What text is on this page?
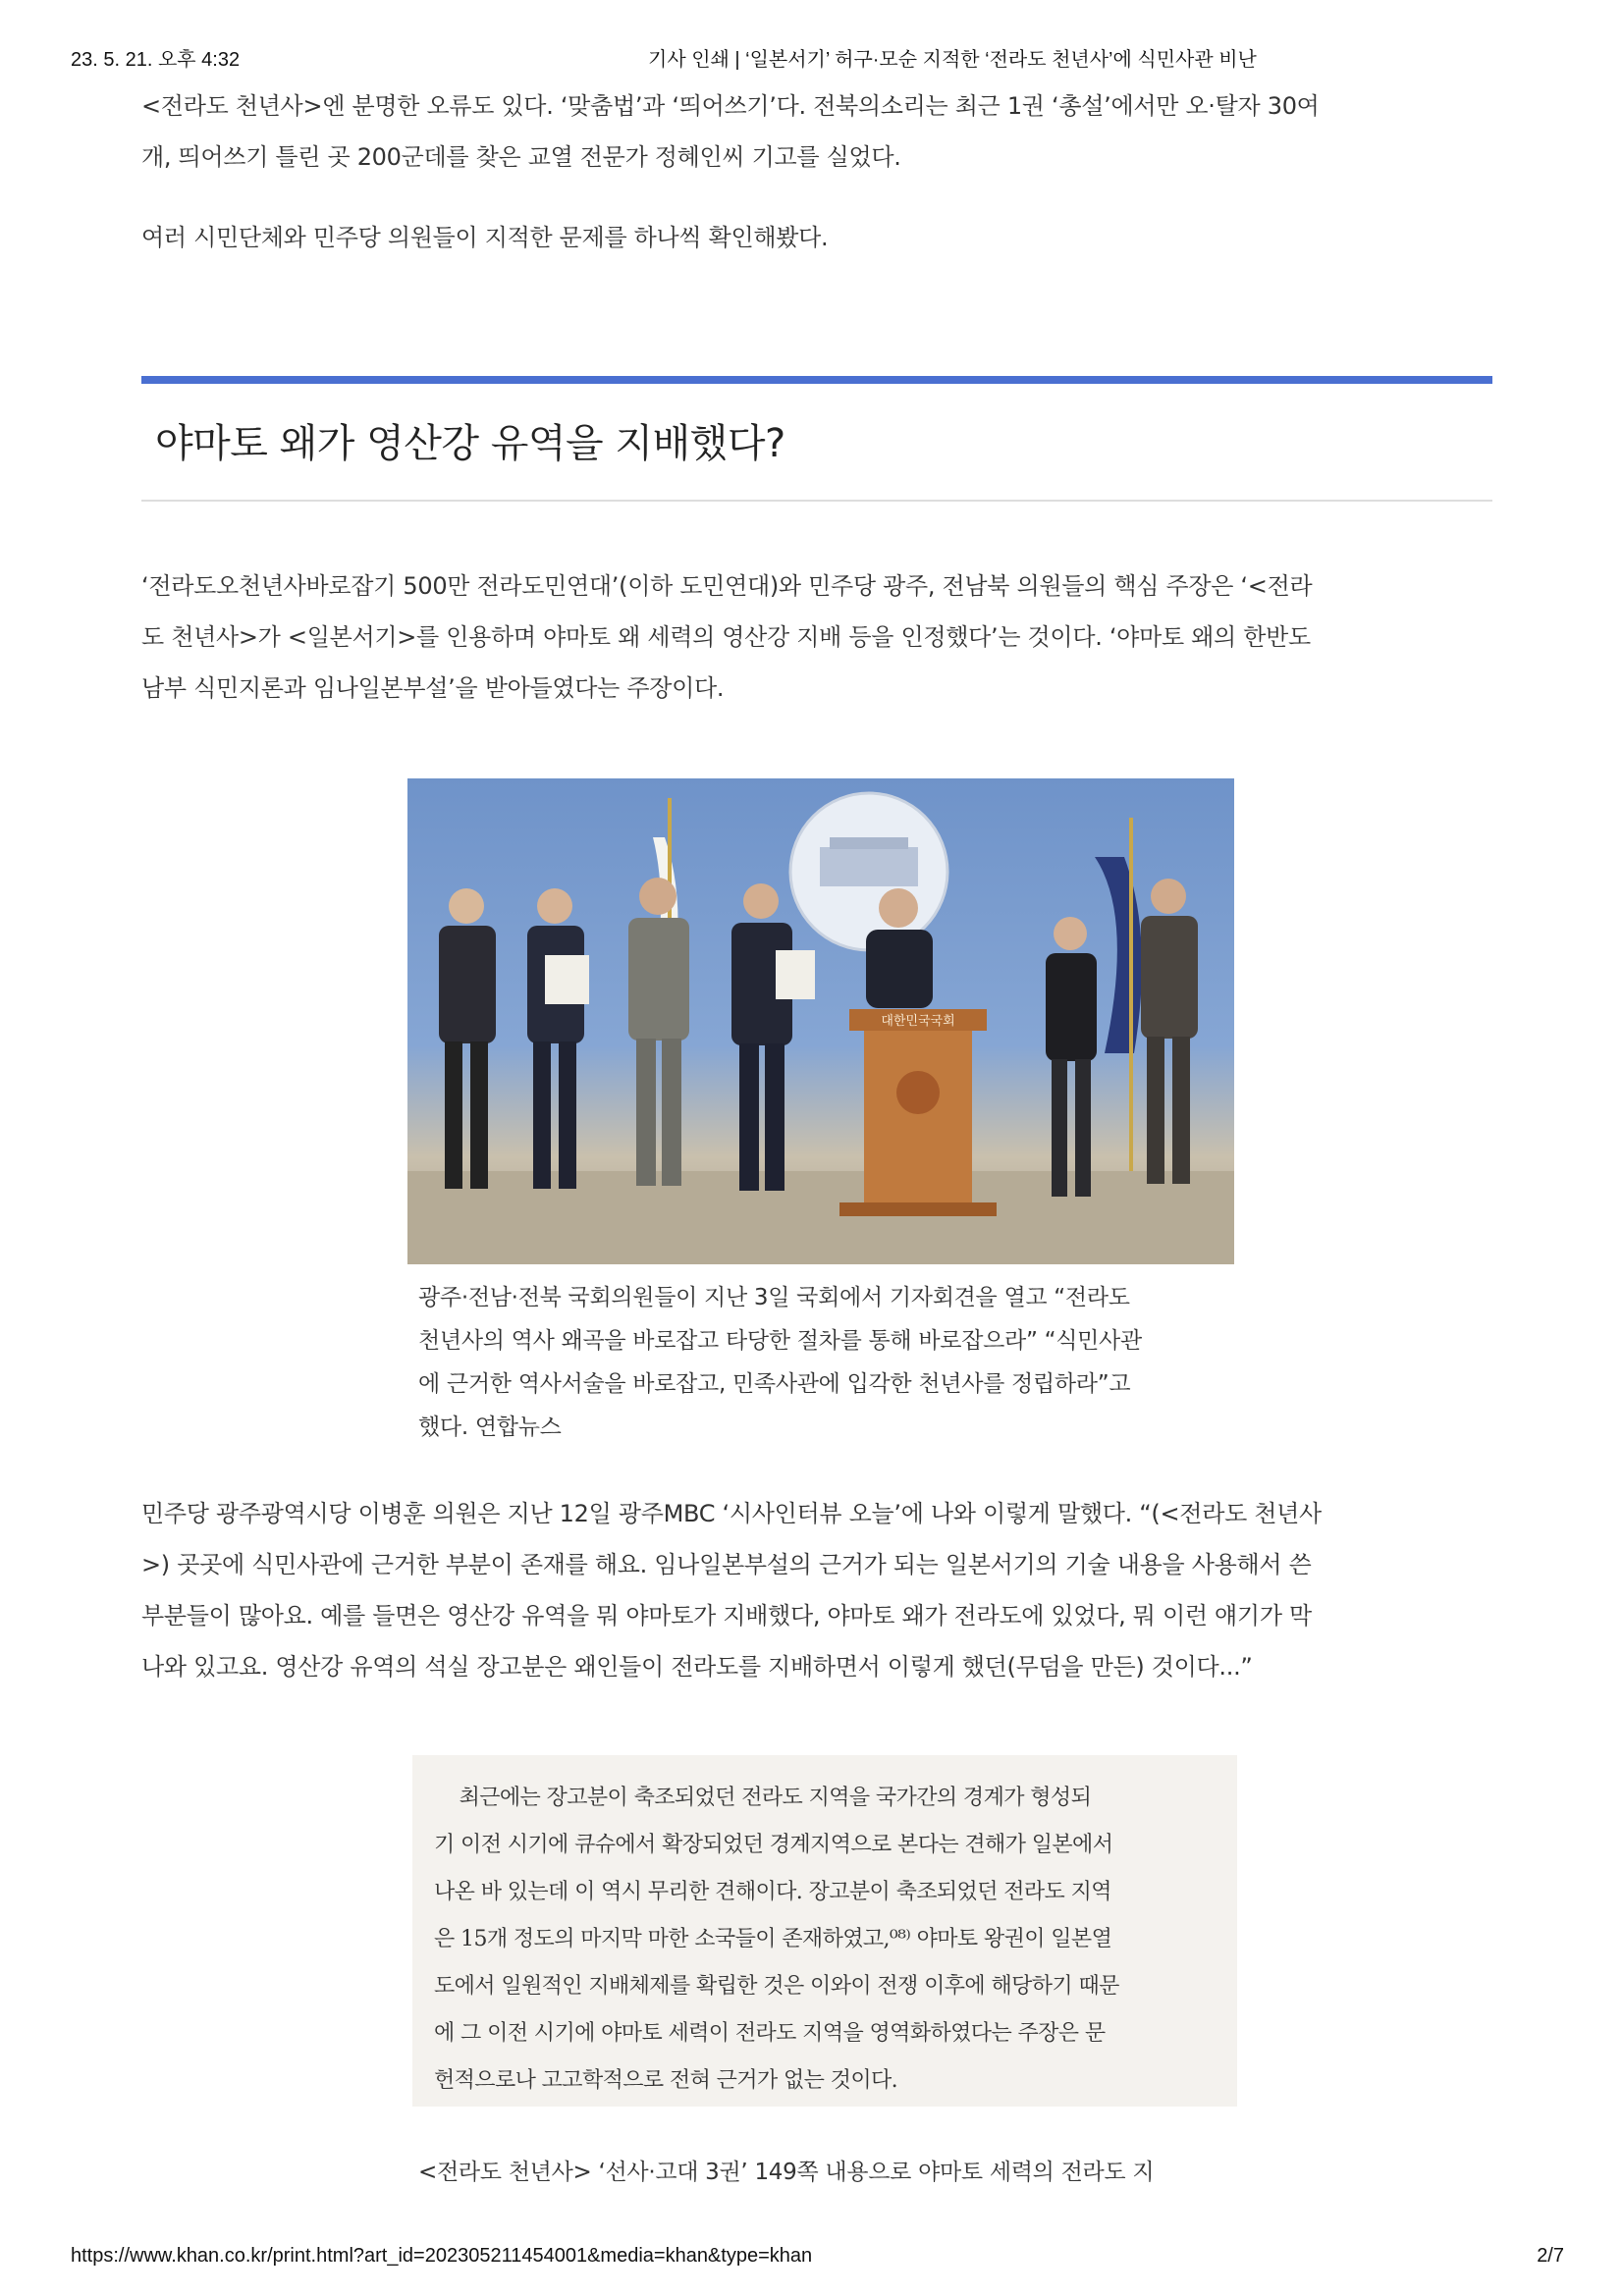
23. 5. 21. 오후 4:32	기사 인쇄 | ‘일본서기’ 허구·모순 지적한 ‘전라도 천년사’에 식민사관 비난

<전라도 천년사>엔 분명한 오류도 있다. ‘맞춤법’과 ‘띄어쓰기’다. 전북의소리는 최근 1권 ‘총설’에서만 오·탈자 30여
개, 띄어쓰기 틀린 곳 200군데를 찾은 교열 전문가 정혜인씨 기고를 실었다.

여러 시민단체와 민주당 의원들이 지적한 문제를 하나씩 확인해봤다.

야마토 왜가 영산강 유역을 지배했다?

‘전라도오천년사바로잡기 500만 전라도민연대’(이하 도민연대)와 민주당 광주, 전남북 의원들의 핵심 주장은 ‘<전라
도 천년사>가 <일본서기>를 인용하며 야마토 왜 세력의 영산강 지배 등을 인정했다’는 것이다. ‘야마토 왜의 한반도
남부 식민지론과 임나일본부설’을 받아들였다는 주장이다.

대한민국국회

광주·전남·전북 국회의원들이 지난 3일 국회에서 기자회견을 열고 “전라도
천년사의 역사 왜곡을 바로잡고 타당한 절차를 통해 바로잡으라” “식민사관
에 근거한 역사서술을 바로잡고, 민족사관에 입각한 천년사를 정립하라”고
했다. 연합뉴스

민주당 광주광역시당 이병훈 의원은 지난 12일 광주MBC ‘시사인터뷰 오늘’에 나와 이렇게 말했다. “(<전라도 천년사
>) 곳곳에 식민사관에 근거한 부분이 존재를 해요. 임나일본부설의 근거가 되는 일본서기의 기술 내용을 사용해서 쓴
부분들이 많아요. 예를 들면은 영산강 유역을 뭐 야마토가 지배했다, 야마토 왜가 전라도에 있었다, 뭐 이런 얘기가 막
나와 있고요. 영산강 유역의 석실 장고분은 왜인들이 전라도를 지배하면서 이렇게 했던(무덤을 만든) 것이다...”

최근에는 장고분이 축조되었던 전라도 지역을 국가간의 경계가 형성되
기 이전 시기에 큐슈에서 확장되었던 경계지역으로 본다는 견해가 일본에서
나온 바 있는데 이 역시 무리한 견해이다. 장고분이 축조되었던 전라도 지역
은 15개 정도의 마지막 마한 소국들이 존재하였고,⁰⁸⁾ 야마토 왕권이 일본열
도에서 일원적인 지배체제를 확립한 것은 이와이 전쟁 이후에 해당하기 때문
에 그 이전 시기에 야마토 세력이 전라도 지역을 영역화하였다는 주장은 문
헌적으로나 고고학적으로 전혀 근거가 없는 것이다.

<전라도 천년사> ‘선사·고대 3권’ 149쪽 내용으로 야마토 세력의 전라도 지
https://www.khan.co.kr/print.html?art_id=202305211454001&media=khan&type=khan	2/7
